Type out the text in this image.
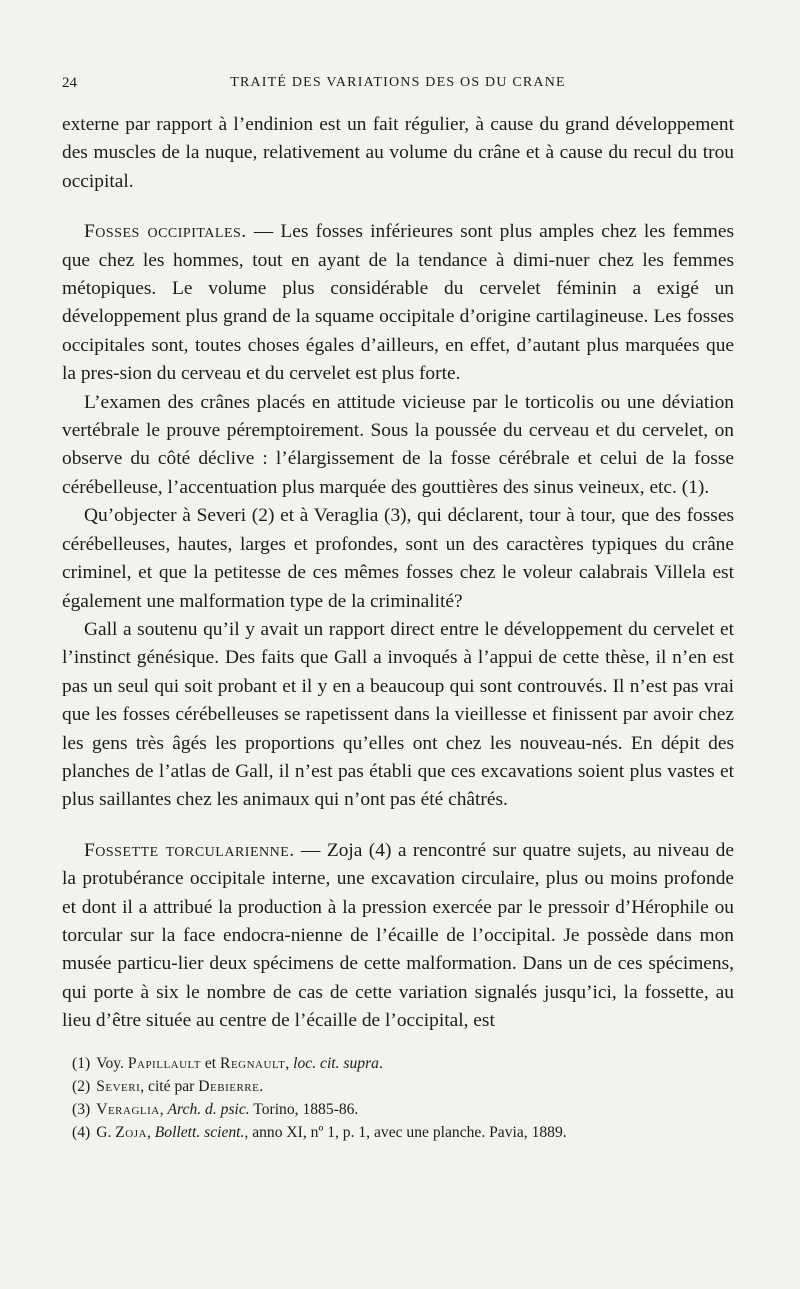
24	TRAITÉ DES VARIATIONS DES OS DU CRANE

externe par rapport à l’endinion est un fait régulier, à cause du grand développement des muscles de la nuque, relativement au volume du crâne et à cause du recul du trou occipital.

Fosses occipitales. — Les fosses inférieures sont plus amples chez les femmes que chez les hommes, tout en ayant de la tendance à dimi-nuer chez les femmes métopiques. Le volume plus considérable du cervelet féminin a exigé un développement plus grand de la squame occipitale d’origine cartilagineuse. Les fosses occipitales sont, toutes choses égales d’ailleurs, en effet, d’autant plus marquées que la pres-sion du cerveau et du cervelet est plus forte.

L’examen des crânes placés en attitude vicieuse par le torticolis ou une déviation vertébrale le prouve péremptoirement. Sous la poussée du cerveau et du cervelet, on observe du côté déclive : l’élargissement de la fosse cérébrale et celui de la fosse cérébelleuse, l’accentuation plus marquée des gouttières des sinus veineux, etc. (1).

Qu’objecter à Severi (2) et à Veraglia (3), qui déclarent, tour à tour, que des fosses cérébelleuses, hautes, larges et profondes, sont un des caractères typiques du crâne criminel, et que la petitesse de ces mêmes fosses chez le voleur calabrais Villela est également une malformation type de la criminalité?

Gall a soutenu qu’il y avait un rapport direct entre le développement du cervelet et l’instinct génésique. Des faits que Gall a invoqués à l’appui de cette thèse, il n’en est pas un seul qui soit probant et il y en a beaucoup qui sont controuvés. Il n’est pas vrai que les fosses cérébelleuses se rapetissent dans la vieillesse et finissent par avoir chez les gens très âgés les proportions qu’elles ont chez les nouveau-nés. En dépit des planches de l’atlas de Gall, il n’est pas établi que ces excavations soient plus vastes et plus saillantes chez les animaux qui n’ont pas été châtrés.

Fossette torcularienne. — Zoja (4) a rencontré sur quatre sujets, au niveau de la protubérance occipitale interne, une excavation circulaire, plus ou moins profonde et dont il a attribué la production à la pression exercée par le pressoir d’Hérophile ou torcular sur la face endocra-nienne de l’écaille de l’occipital. Je possède dans mon musée particu-lier deux spécimens de cette malformation. Dans un de ces spécimens, qui porte à six le nombre de cas de cette variation signalés jusqu’ici, la fossette, au lieu d’être située au centre de l’écaille de l’occipital, est

(1) Voy. Papillault et Regnault, loc. cit. supra.
(2) Severi, cité par Debierre.
(3) Veraglia, Arch. d. psic. Torino, 1885-86.
(4) G. Zoja, Bollett. scient., anno XI, nº 1, p. 1, avec une planche. Pavia, 1889.
